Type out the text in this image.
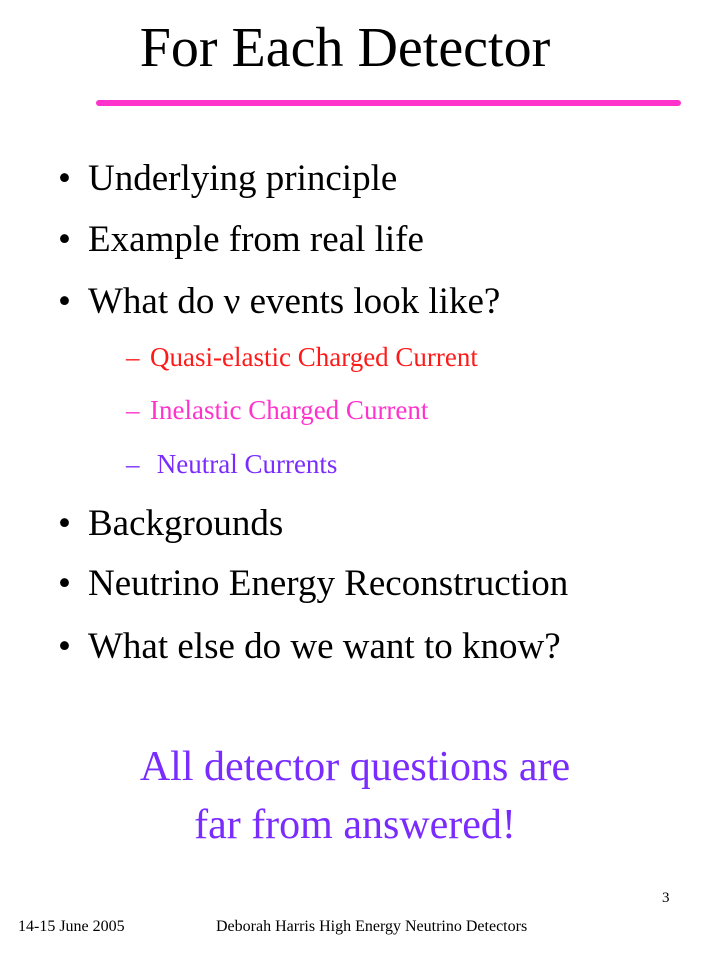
For Each Detector
• Underlying principle
• Example from real life
• What do ν events look like?
– Quasi-elastic Charged Current
– Inelastic Charged Current
– Neutral Currents
• Backgrounds
• Neutrino Energy Reconstruction
• What else do we want to know?
All detector questions are
far from answered!
14-15 June 2005	Deborah Harris High Energy Neutrino Detectors
3
